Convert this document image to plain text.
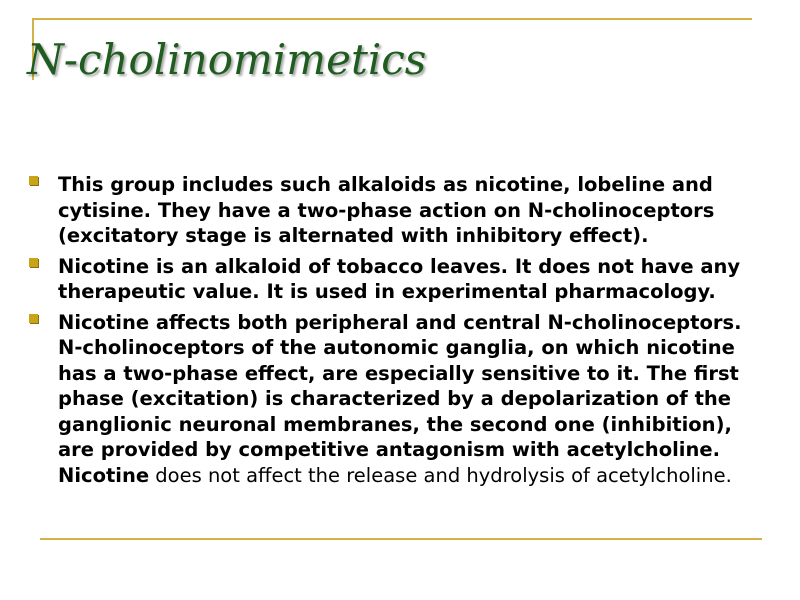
N-cholinomimetics
This group includes such alkaloids as nicotine, lobeline and cytisine. They have a two-phase action on N-cholinoceptors (excitatory stage is alternated with inhibitory effect).
Nicotine is an alkaloid of tobacco leaves. It does not have any therapeutic value. It is used in experimental pharmacology.
Nicotine affects both peripheral and central N-cholinoceptors. N-cholinoceptors of the autonomic ganglia, on which nicotine has a two-phase effect, are especially sensitive to it. The first phase (excitation) is characterized by a depolarization of the ganglionic neuronal membranes, the second one (inhibition), are provided by competitive antagonism with acetylcholine. Nicotine does not affect the release and hydrolysis of acetylcholine.
